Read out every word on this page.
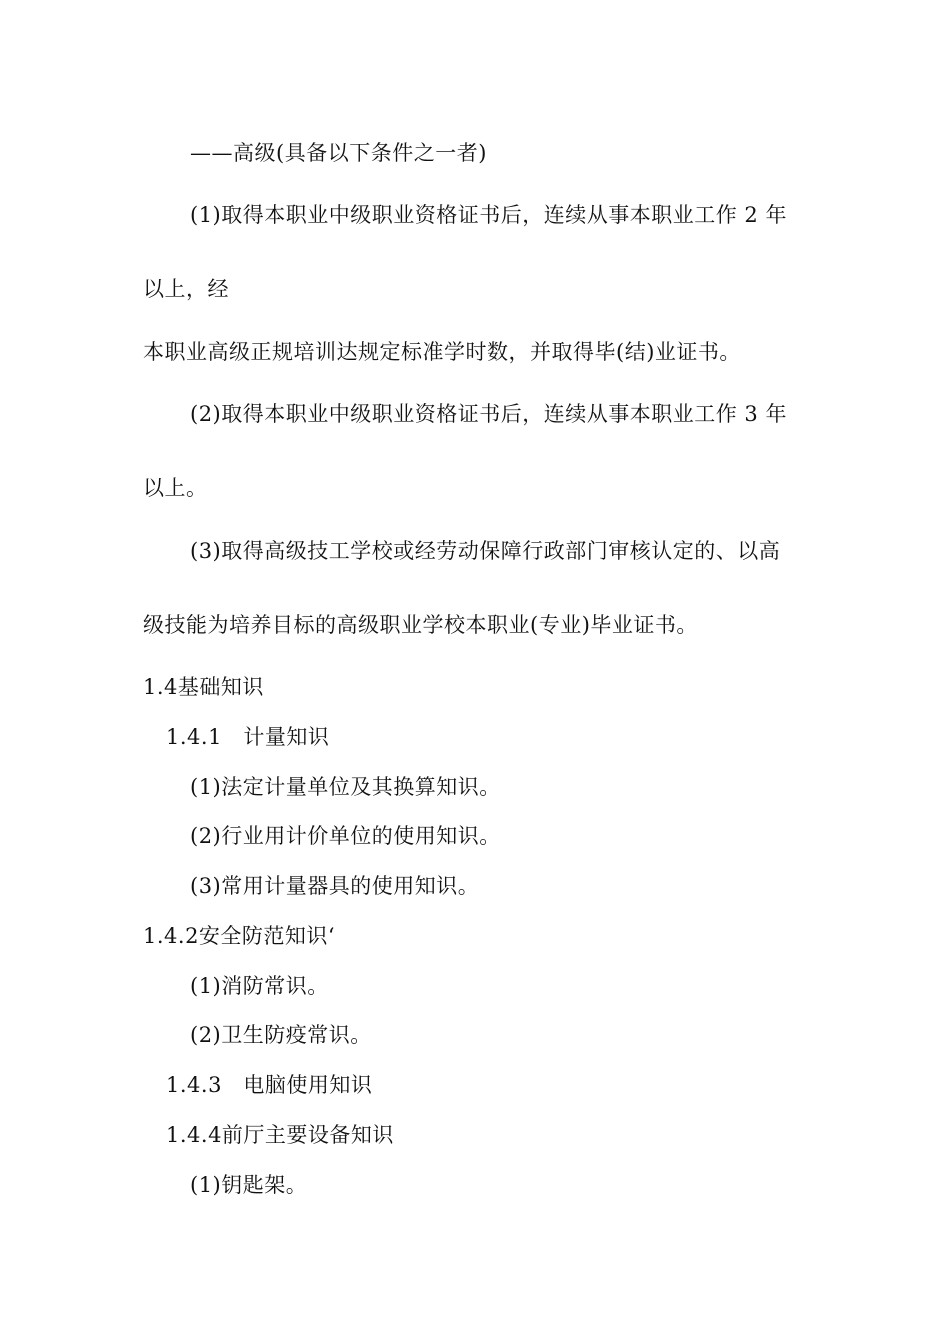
——高级(具备以下条件之一者)
(1)取得本职业中级职业资格证书后，连续从事本职业工作 2 年
以上，经
本职业高级正规培训达规定标准学时数，并取得毕(结)业证书。
(2)取得本职业中级职业资格证书后，连续从事本职业工作 3 年
以上。
(3)取得高级技工学校或经劳动保障行政部门审核认定的、以高
级技能为培养目标的高级职业学校本职业(专业)毕业证书。
1.4基础知识
1.4.1　计量知识
(1)法定计量单位及其换算知识。
(2)行业用计价单位的使用知识。
(3)常用计量器具的使用知识。
1.4.2安全防范知识‘
(1)消防常识。
(2)卫生防疫常识。
1.4.3　电脑使用知识
1.4.4前厅主要设备知识
(1)钥匙架。
